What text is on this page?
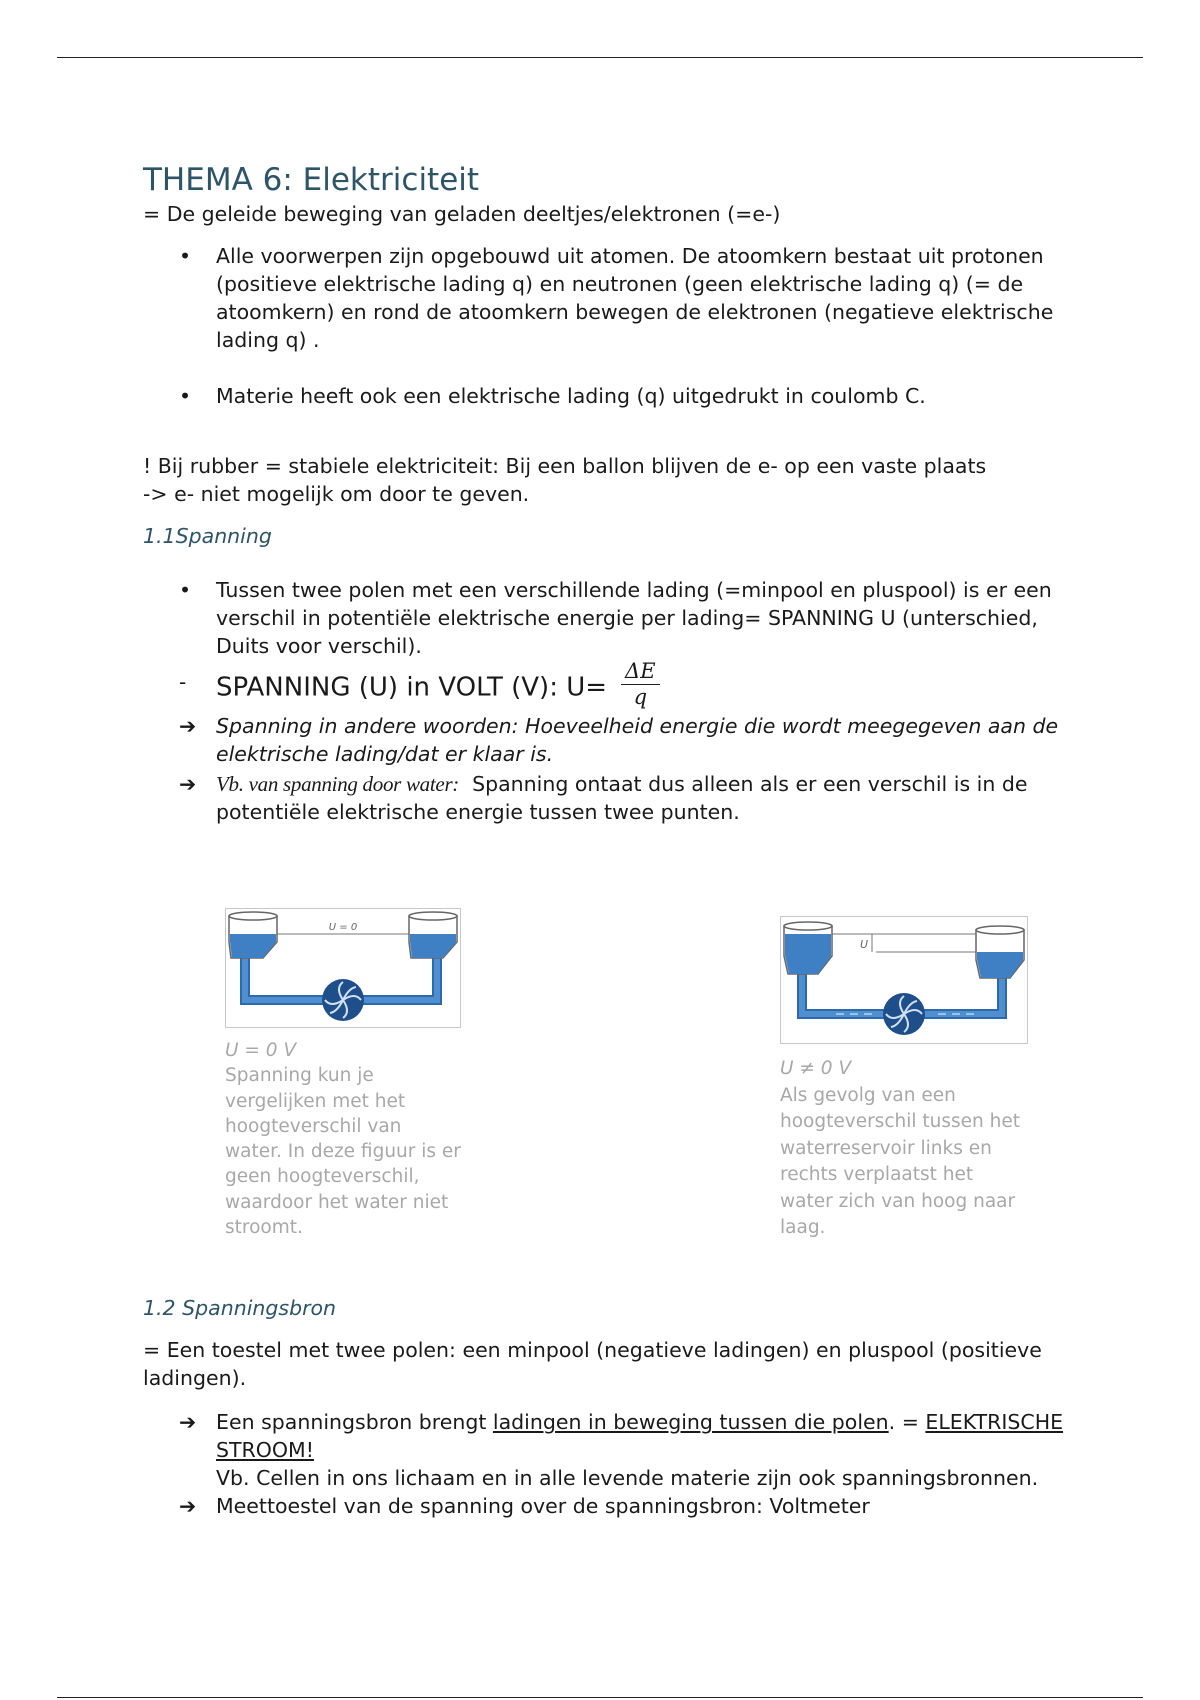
THEMA 6: Elektriciteit

= De geleide beweging van geladen deeltjes/elektronen (=e-)

•	Alle voorwerpen zijn opgebouwd uit atomen. De atoomkern bestaat uit protonen (positieve elektrische lading q) en neutronen (geen elektrische lading q) (= de atoomkern) en rond de atoomkern bewegen de elektronen (negatieve elektrische lading q) .
•	Materie heeft ook een elektrische lading (q) uitgedrukt in coulomb C.

! Bij rubber = stabiele elektriciteit: Bij een ballon blijven de e- op een vaste plaats

-> e- niet mogelijk om door te geven.

1.1Spanning

•	Tussen twee polen met een verschillende lading (=minpool en pluspool) is er een verschil in potentiële elektrische energie per lading= SPANNING U (unterschied, Duits voor verschil).
-	SPANNING (U) in VOLT (V): $U= \frac{\Delta E}{q}$
➔ Spanning in andere woorden: Hoeveelheid energie die wordt meegegeven aan de elektrische lading/dat er klaar is.
➔ Vb. van spanning door water: Spanning ontaat dus alleen als er een verschil is in de potentiële elektrische energie tussen twee punten.
U = 0
U = 0 V
Spanning kun je vergelijken met het hoogteverschil van water. In deze figuur is er geen hoogteverschil, waardoor het water niet stroomt.
U
U ≠ 0 V
Als gevolg van een hoogteverschil tussen het waterreservoir links en rechts verplaatst het water zich van hoog naar laag.

1.2 Spanningsbron

= Een toestel met twee polen: een minpool (negatieve ladingen) en pluspool (positieve ladingen).

➔ Een spanningsbron brengt ladingen in beweging tussen die polen. = ELEKTRISCHE STROOM!
Vb. Cellen in ons lichaam en in alle levende materie zijn ook spanningsbronnen.
➔ Meettoestel van de spanning over de spanningsbron: Voltmeter
